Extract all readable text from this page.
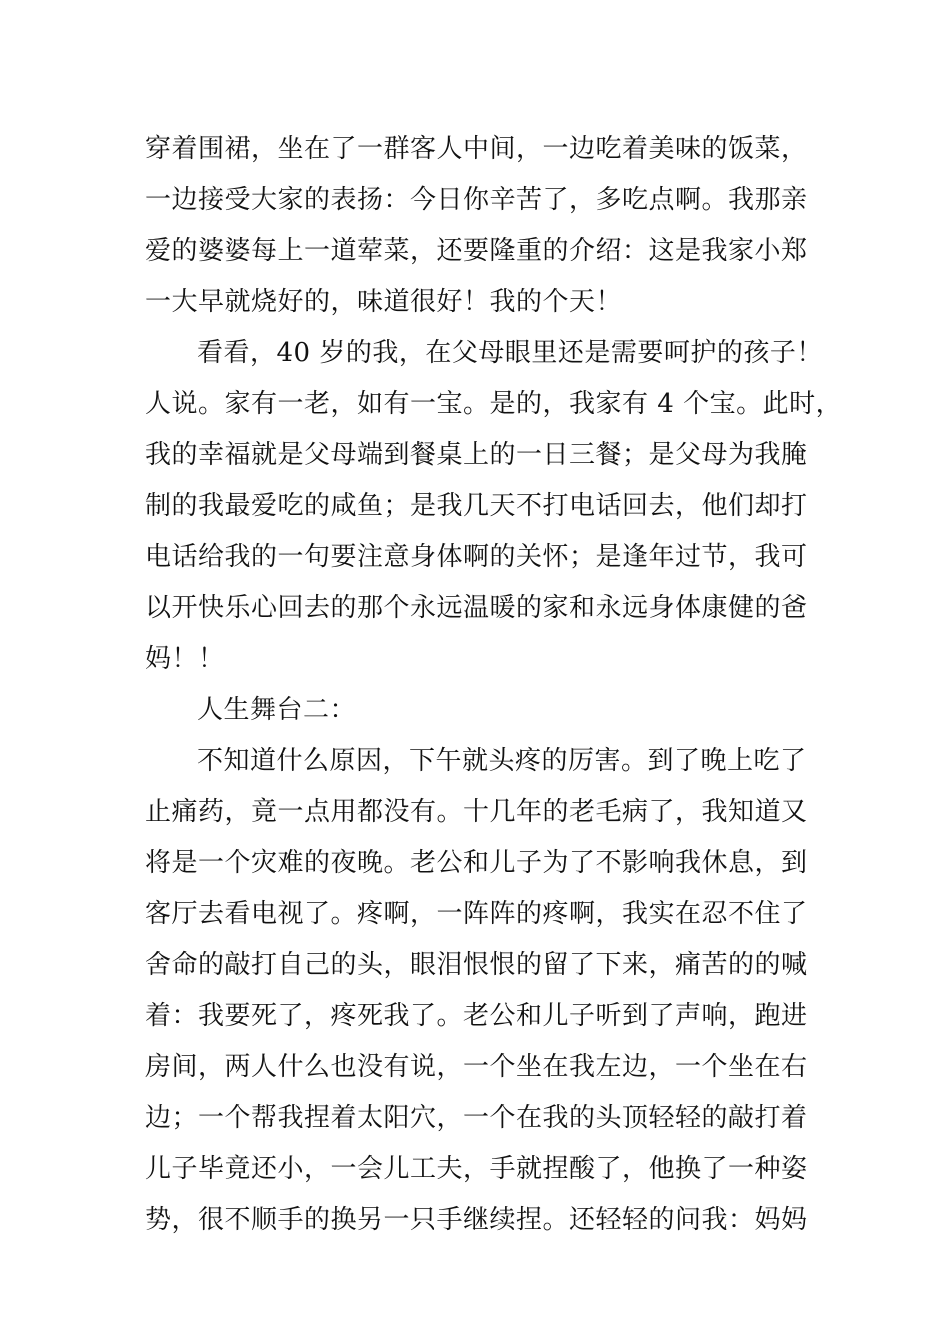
穿着围裙，坐在了一群客人中间，一边吃着美味的饭菜，
一边接受大家的表扬：今日你辛苦了，多吃点啊。我那亲
爱的婆婆每上一道荤菜，还要隆重的介绍：这是我家小郑
一大早就烧好的，味道很好！我的个天！
看看，40 岁的我，在父母眼里还是需要呵护的孩子！
人说。家有一老，如有一宝。是的，我家有 4 个宝。此时，
我的幸福就是父母端到餐桌上的一日三餐；是父母为我腌
制的我最爱吃的咸鱼；是我几天不打电话回去，他们却打
电话给我的一句要注意身体啊的关怀；是逢年过节，我可
以开快乐心回去的那个永远温暖的家和永远身体康健的爸
妈！！
人生舞台二：
不知道什么原因，下午就头疼的厉害。到了晚上吃了
止痛药，竟一点用都没有。十几年的老毛病了，我知道又
将是一个灾难的夜晚。老公和儿子为了不影响我休息，到
客厅去看电视了。疼啊，一阵阵的疼啊，我实在忍不住了
舍命的敲打自己的头，眼泪恨恨的留了下来，痛苦的的喊
着：我要死了，疼死我了。老公和儿子听到了声响，跑进
房间，两人什么也没有说，一个坐在我左边，一个坐在右
边；一个帮我捏着太阳穴，一个在我的头顶轻轻的敲打着
儿子毕竟还小，一会儿工夫，手就捏酸了，他换了一种姿
势，很不顺手的换另一只手继续捏。还轻轻的问我：妈妈
